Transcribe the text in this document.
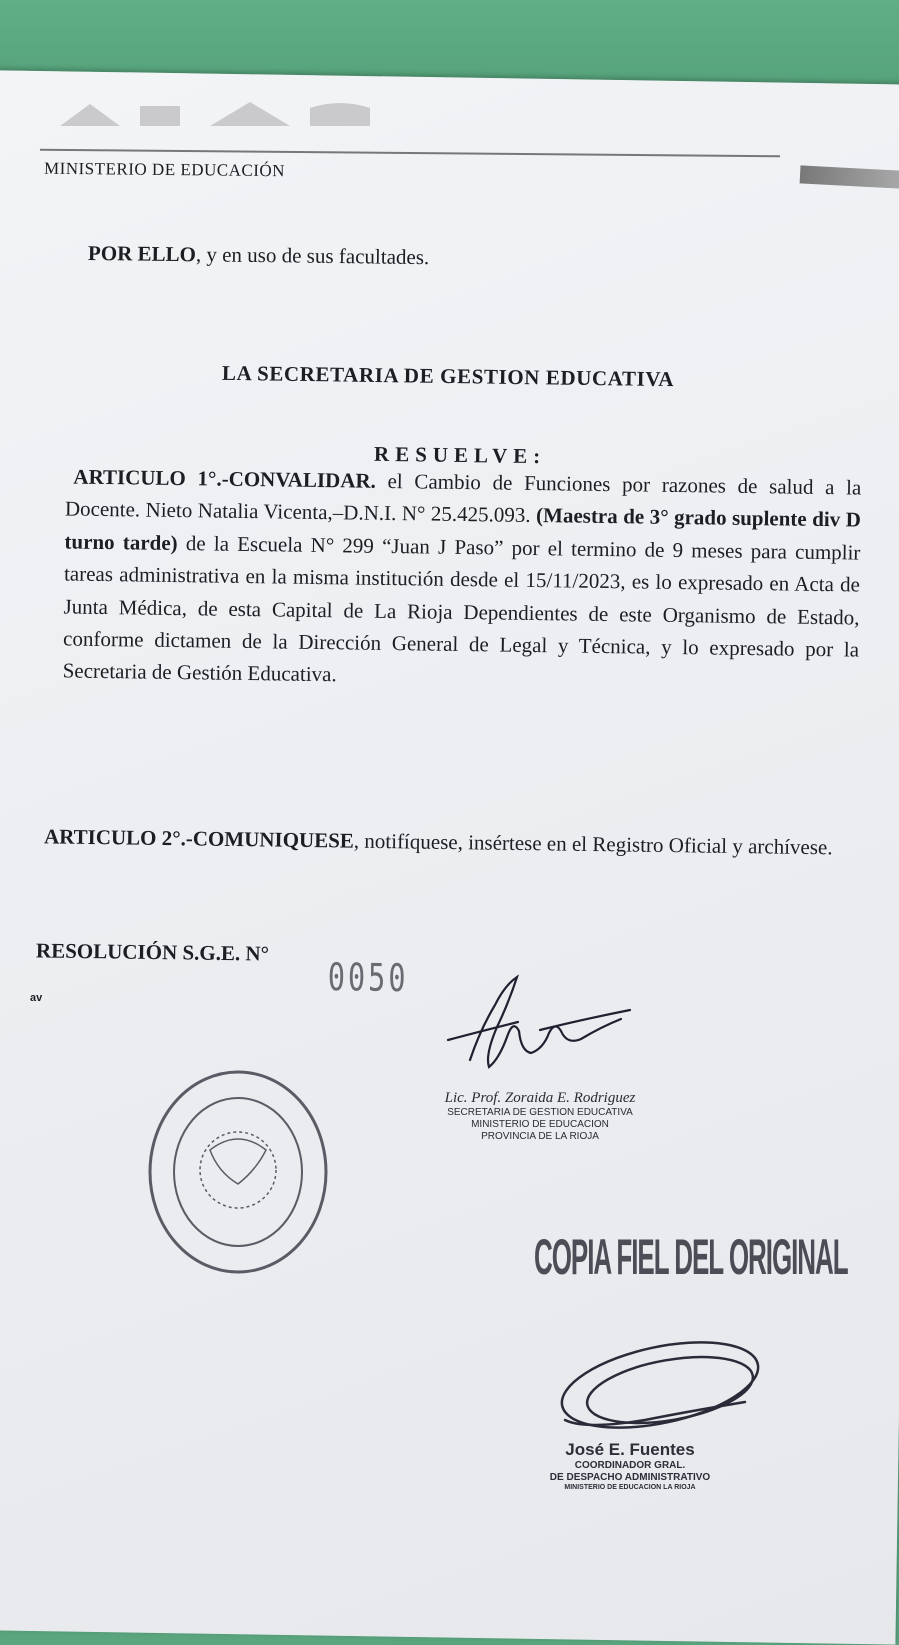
MINISTERIO DE EDUCACIÓN
POR ELLO, y en uso de sus facultades.
LA SECRETARIA DE GESTION EDUCATIVA
RESUELVE:
ARTICULO 1°.-CONVALIDAR. el Cambio de Funciones por razones de salud a la Docente. Nieto Natalia Vicenta,–D.N.I. N° 25.425.093. (Maestra de 3° grado suplente div D turno tarde) de la Escuela N° 299 “Juan J Paso” por el termino de 9 meses para cumplir tareas administrativa en la misma institución desde el 15/11/2023, es lo expresado en Acta de Junta Médica, de esta Capital de La Rioja Dependientes de este Organismo de Estado, conforme dictamen de la Dirección General de Legal y Técnica, y lo expresado por la Secretaria de Gestión Educativa.
ARTICULO 2°.-COMUNIQUESE, notifíquese, insértese en el Registro Oficial y archívese.
RESOLUCIÓN S.G.E. N°
0050
av
Lic. Prof. Zoraida E. Rodriguez
SECRETARIA DE GESTION EDUCATIVA
MINISTERIO DE EDUCACION
PROVINCIA DE LA RIOJA
COPIA FIEL DEL ORIGINAL
José E. Fuentes
COORDINADOR GRAL.
DE DESPACHO ADMINISTRATIVO
MINISTERIO DE EDUCACION LA RIOJA
